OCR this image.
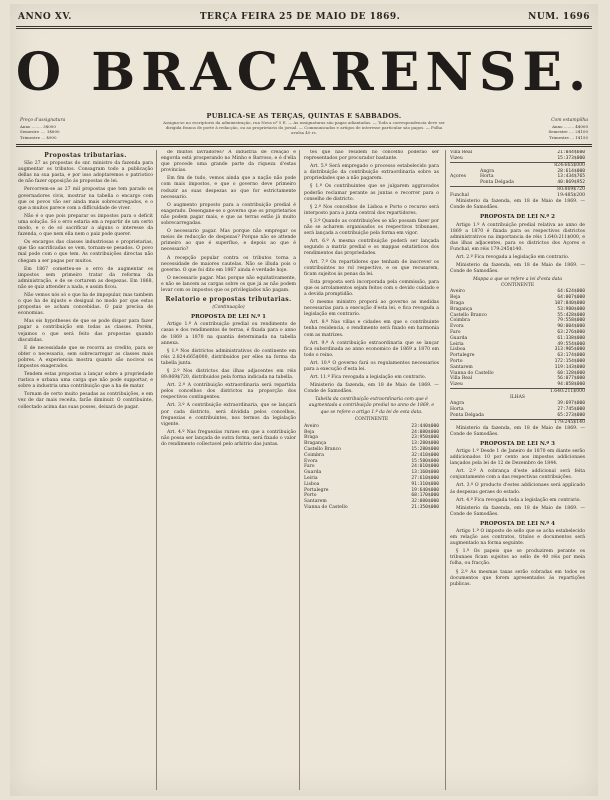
ANNO XV.	TERÇA FEIRA 25 DE MAIO DE 1869.	NUM. 1696
O BRACARENSE.
Preço d'assignatura
Anno ........ 3$000
Semestre .... 1$600
Trimestre ... $900
PUBLICA-SE AS TERÇAS, QUINTAS E SABBADOS.
Assigna-se no escriptorio da administração, rua Nova nº 5 E. — As assignaturas são pagas adiantadas. — Toda a correspondencia deve ser dirigida franca de porte á redacção, ou ao proprietario do jornal. — Communicados e artigos de interesse particular são pagos. — Folha avulsa 40 rs.
Com estampilha
Anno ........ 4$000
Semestre .... 2$100
Trimestre ... 1$150
Propostas tributarias.

São 27 as propostas do snr. ministro da fazenda para augmentar os tributos. Consagram todo a publicação dellas na sua pasta, e por isso adoptaremos o patriotico de não fazer opposição ás propostas de lei.

Percorrem-se as 27 mil propostas que tem parado os governadores civis, mostrar na tabella o encargo com que os povos vão ser ainda mais sobrecarregados, e o que a muitos parece com a difficuldade de viver.

Não é o que pois preparar os impostos para o deficit uma solução. Só o erro estaria em a repartir de um certo modo, e o de só sacrificar a alguns o interesse da fazenda, o que nem ella nem o paiz pode querer.

Os encargos das classes industriosas e proprietarias, que tão sacrificadas se vem, tornam-se pesados. O povo mal pode com o que tem. As contribuições directas não chegam a ser pagas por muitos.

Em 1867 cometteu-se o erro de augmentar os impostos sem primeiro tratar da reforma da administração, e de se cortarem as despezas. Em 1868, não se quiz attender a nada, e assim ficou.

Não vemos nós só o que ha de impopular, mas tambem o que ha de injusto e desigual no modo por que estas propostas se acham concebidas. O paiz precisa de economias.

Mas eis hypotheses de que se pode dispor para fazer pagar a contribuição em todas as classes. Porém, vejamos o que será feito das propostas quando discutidas.

E de necessidade que se recorra ao credito, para se obter o necessario, sem sobrecarregar as classes mais pobres. A experiencia mostra quanto são nocivos os impostos exagerados.

Tendem estas propostas a lançar sobre a propriedade rustica e urbana uma carga que não pode supportar, e sobre a industria uma contribuição que a ha de matar.

Tornam de certo muito pesadas as contribuições, e em vez de dar mais receita, farão diminuir. O contribuinte, collectado acima das suas posses, deixará de pagar.

de muitos lavradores? A industria de creação e engorda está prosperando no Minho e Barroso, e é d'ella que procede uma grande parte da riqueza d'estas provincias.

Em fim de tudo, vemos ainda que a nação não pode com mais impostos, e que o governo deve primeiro reduzir as suas despezas ao que for estrictamente necessario.

O augmento proposto para a contribuição predial é exagerado. Desengane-se o governo que os proprietarios não podem pagar mais, e que as terras estão já muito sobrecarregadas.

O necessario pagar. Mas porque não empregar os meios de reducção de despezas? Porque não se attende primeiro ao que é superfluo, e depois ao que é necessario?

A recepção popular contra os tributos torna a necessidade de maiores cautelas. Não se illuda pois o governo. O que foi dito em 1867 ainda é verdade hoje.

O necessario pagar. Mas porque não equitativamente, e não se lancem as cargas sobre os que já as não podem levar com os impostos que os privilegiados não pagam.

Relatorio e propostas tributarias.
(Continuação)
PROPOSTA DE LEI N.º 1

Artigo 1.º A contribuição predial ou rendimento de casas e dos rendimentos de terras, é fixada para o anno de 1869 a 1870 na quantia determinada na tabella annexa.

§ 1.º Nos districtos administrativos do continente em réis 2.824:665$000, distribuidos por elles na forma da tabella junta.

§ 2.º Nos districtos das ilhas adjacentes em réis 89:869$720, distribuidos pela forma indicada na tabella.

Art. 2.º A contribuição extraordinaria será repartida pelos concelhos dos districtos na proporção dos respectivos contingentes.

Art. 3.º A contribuição extraordinaria, que se lançará por cada districto, será dividida pelos concelhos, freguezias e contribuintes, nos termos da legislação vigente.

Art. 4.º Nas freguezias ruraes em que a contribuição não possa ser lançada de outra forma, será fixado o valor do rendimento collectavel pelo arbitrio das juntas.

tes que não residem no concelho poderão ser representados por procurador bastante.

Art. 5.º Será empregado o processo estabelecido para a distribuição da contribuição extraordinaria sobre as propriedades que a não pagarem.

§ 1.º Os contribuintes que se julgarem aggravados poderão reclamar perante as juntas e recorrer para o conselho de districto.

§ 2.º Nos concelhos de Lisboa e Porto o recurso será interposto para a junta central dos repartidores.

§ 3.º Quando as contribuições se não possam fazer por não se acharem organisados os respectivos tribunaes, será lançada a contribuição pela forma em vigor.

Art. 6.º A mesma contribuição poderá ser lançada segundo a matriz predial e os mappas estatisticos dos rendimentos das propriedades.

Art. 7.º Os repartidores que tenham de inscrever os contribuintes no rol respectivo, e os que recusarem, ficam sujeitos ás penas da lei.

Esta proposta será incorporada pela commissão, para que os arrolamentos sejam feitos com o devido cuidado e a devida promptidão.

O mesmo ministro proporá ao governo as medidas necessarias para a execução d'esta lei, e fica revogada a legislação em contrario.

Art. 8.º Nas villas e cidades em que o contribuinte tenha residencia, o rendimento será fixado em harmonia com as matrizes.

Art. 9.º A contribuição extraordinaria que se lançar fica subordinada ao anno economico de 1869 a 1870 em todo o reino.

Art. 10.º O governo fará os regulamentos necessarios para a execução d'esta lei.

Art. 11.º Fica revogada a legislação em contrario.

Ministerio da fazenda, em 18 de Maio de 1869. — Conde de Samodães.

Tabella da contribuição extraordinaria com que é augmentada a contribuição predial no anno de 1869, e que se refere o artigo 1.º da lei de esta data.
CONTINENTE
Aveiro	23:440$000
Beja	24:080$000
Braga	23:950$000
Bragança	13:280$000
Castello Branco	15:280$000
Coimbra	32:410$000
Evora	15:580$000
Faro	24:010$000
Guarda	13:160$000
Leiria	27:610$000
Lisboa	91:310$000
Portalegre	19:640$000
Porto	68:170$000
Santarem	32:080$000
Vianna do Castello	21:350$000
Villa Real	21:044$600
Vizeu	15:373$000
824:665$000
Açores
Angra	28:614$000
Horta	13:434$765
Ponta Delgada	40:869$952
80:869$720
Funchal	19:485$200

Ministerio da fazenda, em 18 de Maio de 1869. — Conde de Samodães.

PROPOSTA DE LEI N.º 2

Artigo 1.º A contribuição predial relativa ao anno de 1869 a 1870 é fixada para os respectivos districtos administrativos na importancia de réis 1.640:211$000, e das ilhas adjacentes, para os districtos dos Açores e Funchal, em réis 179:245$140.

Art. 2.º Fica revogada a legislação em contrario.

Ministerio da fazenda, em 18 de Maio de 1869. — Conde de Samodães.

Mappa a que se refere a lei d'esta data
CONTINENTE
Aveiro	64:624$000
Beja	64:007$000
Braga	107:840$000
Bragança	53:980$000
Castello Branco	55:428$000
Coimbra	79:558$000
Evora	90:004$000
Faro	63:276$000
Guarda	61:338$000
Leiria	49:554$000
Lisboa	313:905$000
Portalegre	63:174$000
Porto	172:154$000
Santarem	119:143$000
Vianna do Castello	60:128$000
Villa Real	56:077$000
Vizeu	94:058$000
1.640:211$000
ILHAS
Angra	39:697$000
Horta	27:745$000
Ponta Delgada	65:273$000
179:245$140

Ministerio da fazenda, em 18 de Maio de 1869. — Conde de Samodães.

PROPOSTA DE LEI N.º 3

Artigo 1.º Desde 1 de Janeiro de 1870 em diante serão addicionados 10 por cento aos impostos addicionaes lançados pela lei de 12 de Dezembro de 1844.

Art. 2.º A cobrança d'este addicional será feita conjuntamente com a das respectivas contribuições.

Art. 3.º O producto d'estes addicionaes será applicado ás despezas geraes do estado.

Art. 4.º Fica revogada toda a legislação em contrario.

Ministerio da fazenda, em 18 de Maio de 1869. — Conde de Samodães.

PROPOSTA DE LEI N.º 4

Artigo 1.º O imposto de sello que se acha estabelecido em relação aos contratos, titulos e documentos será augmentado na forma seguinte.

§ 1.º Os papeis que se produzirem perante os tribunaes ficam sujeitos ao sello de 40 réis por meia folha, ou fracção.

§ 2.º As mesmas taxas serão cobradas em todos os documentos que forem apresentados ás repartições publicas.
